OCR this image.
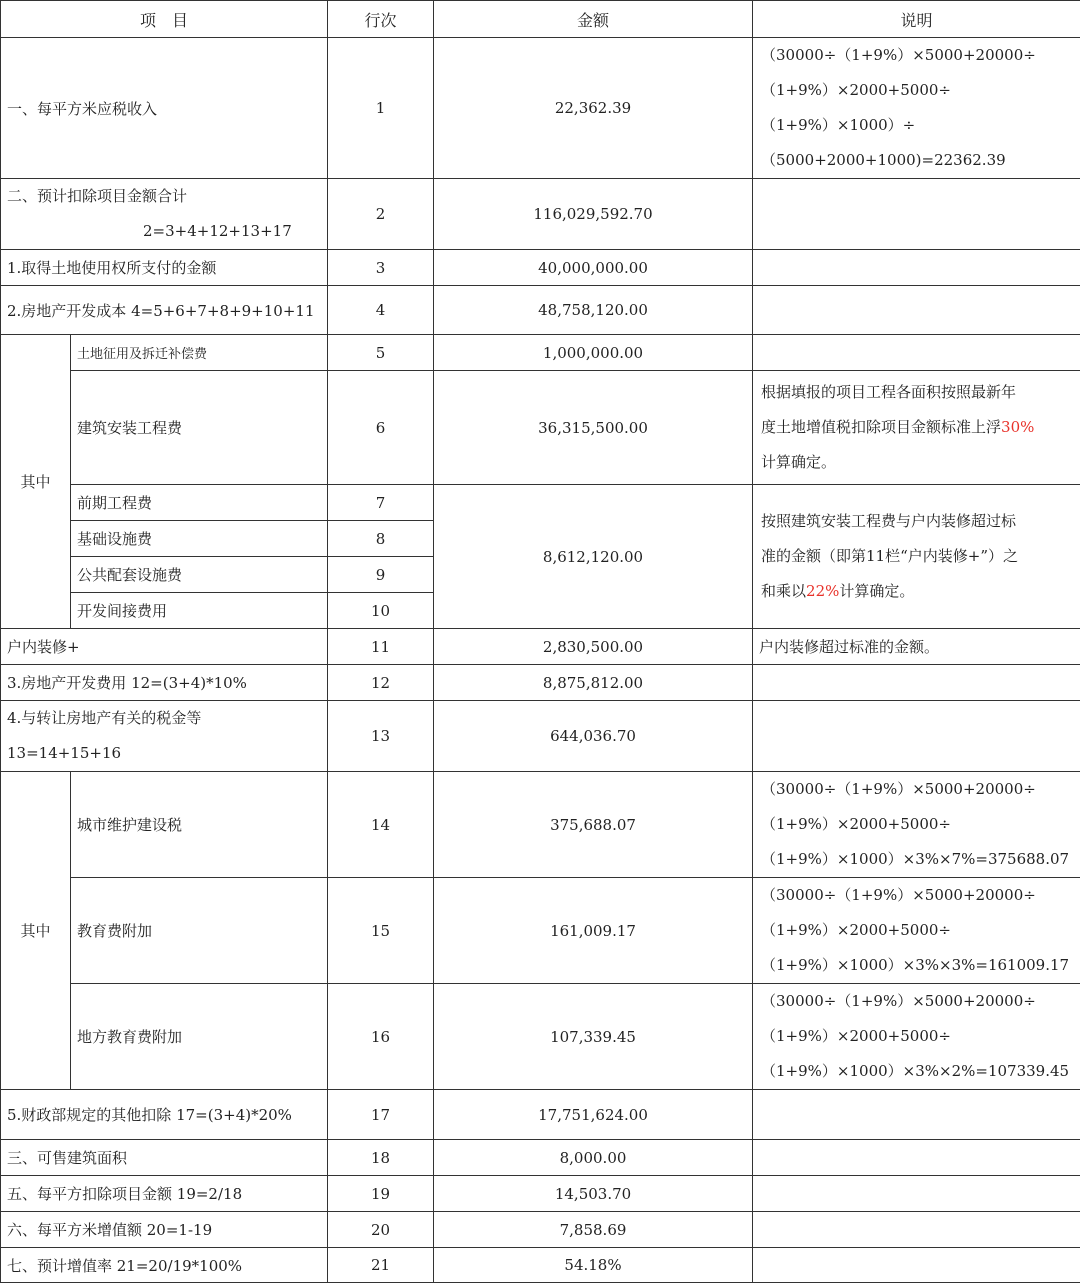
项　目		行次	金额	说明
一、每平方米应税收入		1	22,362.39	（30000÷（1+9%）×5000+20000÷
（1+9%）×2000+5000÷
（1+9%）×1000）÷
（5000+2000+1000)=22362.39

二、预计扣除项目金额合计
2=3+4+12+13+17		2	116,029,592.70	
1.取得土地使用权所支付的金额		3	40,000,000.00	
2.房地产开发成本 4=5+6+7+8+9+10+11		4	48,758,120.00	
其中	土地征用及拆迁补偿费	5	1,000,000.00	
	建筑安装工程费	6	36,315,500.00	根据填报的项目工程各面积按照最新年
度土地增值税扣除项目金额标准上浮30%
计算确定。

	前期工程费	7	8,612,120.00	按照建筑安装工程费与户内装修超过标
准的金额（即第11栏“户内装修+”）之
和乘以22%计算确定。

	基础设施费	8		
	公共配套设施费	9		
	开发间接费用	10		
户内装修+		11	2,830,500.00	户内装修超过标准的金额。
3.房地产开发费用 12=(3+4)*10%		12	8,875,812.00	

4.与转让房地产有关的税金等
13=14+15+16		13	644,036.70	
其中	城市维护建设税	14	375,688.07	（30000÷（1+9%）×5000+20000÷
（1+9%）×2000+5000÷
（1+9%）×1000）×3%×7%=375688.07

	教育费附加	15	161,009.17	（30000÷（1+9%）×5000+20000÷
（1+9%）×2000+5000÷
（1+9%）×1000）×3%×3%=161009.17

	地方教育费附加	16	107,339.45	（30000÷（1+9%）×5000+20000÷
（1+9%）×2000+5000÷
（1+9%）×1000）×3%×2%=107339.45

5.财政部规定的其他扣除 17=(3+4)*20%		17	17,751,624.00	
三、可售建筑面积		18	8,000.00	
五、每平方扣除项目金额 19=2/18		19	14,503.70	
六、每平方米增值额 20=1-19		20	7,858.69	
七、预计增值率 21=20/19*100%		21	54.18%	
